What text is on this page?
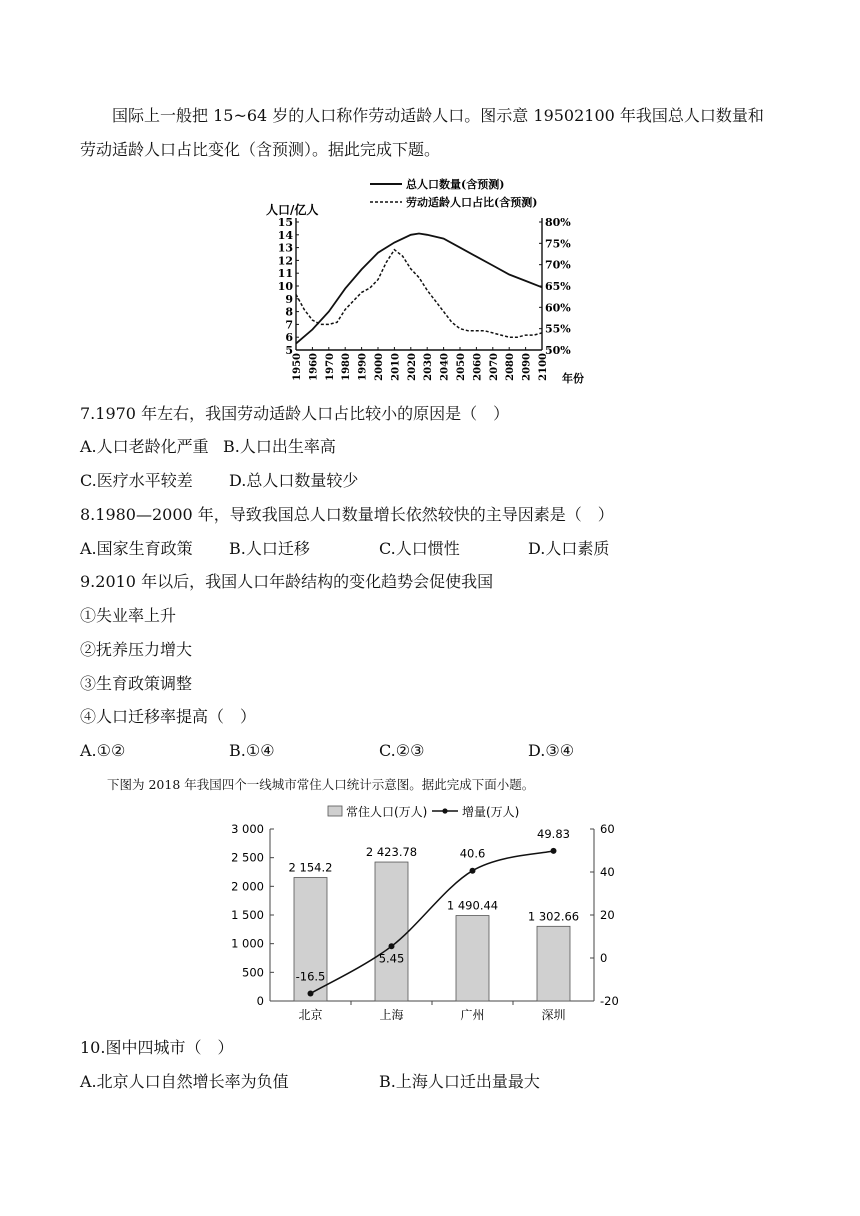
国际上一般把 15~64 岁的人口称作劳动适龄人口。图示意 19502100 年我国总人口数量和
劳动适龄人口占比变化（含预测）。据此完成下题。
总人口数量(含预测)
劳动适龄人口占比(含预测)
人口/亿人
5
6
7
8
9
10
11
12
13
14
15
50%
55%
60%
65%
70%
75%
80%
1950 1960 1970 1980 1990 2000 2010 2020 2030 2040 2050 2060 2070 2080 2090 2100 年份
7.1970 年左右，我国劳动适龄人口占比较小的原因是（　）
A.人口老龄化严重 B.人口出生率高
C.医疗水平较差 D.总人口数量较少
8.1980—2000 年，导致我国总人口数量增长依然较快的主导因素是（　）
A.国家生育政策 B.人口迁移	C.人口惯性	D.人口素质
9.2010 年以后，我国人口年龄结构的变化趋势会促使我国
①失业率上升
②抚养压力增大
③生育政策调整
④人口迁移率提高（　）
A.①②	B.①④	C.②③	D.③④
下图为 2018 年我国四个一线城市常住人口统计示意图。据此完成下面小题。
常住人口(万人)	增量(万人)
3 000
2 500
2 000
1 500
1 000
500
0
60
40
20
0
-20
北京	上海	广州	深圳
2 154.2
2 423.78
1 490.44
1 302.66
-16.5
5.45
40.6
49.83
10.图中四城市（　）
A.北京人口自然增长率为负值	B.上海人口迁出量最大
